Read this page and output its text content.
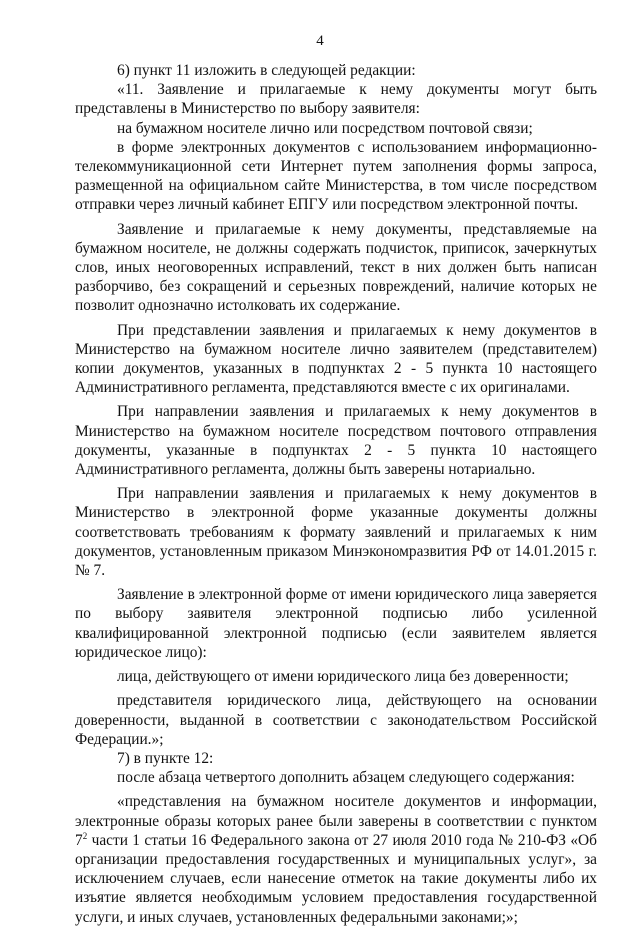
4

6) пункт 11 изложить в следующей редакции:

«11. Заявление и прилагаемые к нему документы могут быть представлены в Министерство по выбору заявителя:

на бумажном носителе лично или посредством почтовой связи;

в форме электронных документов с использованием информационно-телекоммуникационной сети Интернет путем заполнения формы запроса, размещенной на официальном сайте Министерства, в том числе посредством отправки через личный кабинет ЕПГУ или посредством электронной почты.

Заявление и прилагаемые к нему документы, представляемые на бумажном носителе, не должны содержать подчисток, приписок, зачеркнутых слов, иных неоговоренных исправлений, текст в них должен быть написан разборчиво, без сокращений и серьезных повреждений, наличие которых не позволит однозначно истолковать их содержание.

При представлении заявления и прилагаемых к нему документов в Министерство на бумажном носителе лично заявителем (представителем) копии документов, указанных в подпунктах 2 - 5 пункта 10 настоящего Административного регламента, представляются вместе с их оригиналами.

При направлении заявления и прилагаемых к нему документов в Министерство на бумажном носителе посредством почтового отправления документы, указанные в подпунктах 2 - 5 пункта 10 настоящего Административного регламента, должны быть заверены нотариально.

При направлении заявления и прилагаемых к нему документов в Министерство в электронной форме указанные документы должны соответствовать требованиям к формату заявлений и прилагаемых к ним документов, установленным приказом Минэкономразвития РФ от 14.01.2015 г. № 7.

Заявление в электронной форме от имени юридического лица заверяется по выбору заявителя электронной подписью либо усиленной квалифицированной электронной подписью (если заявителем является юридическое лицо):

лица, действующего от имени юридического лица без доверенности;

представителя юридического лица, действующего на основании доверенности, выданной в соответствии с законодательством Российской Федерации.»;

7) в пункте 12:

после абзаца четвертого дополнить абзацем следующего содержания:

«представления на бумажном носителе документов и информации, электронные образы которых ранее были заверены в соответствии с пунктом $7^2$ части 1 статьи 16 Федерального закона от 27 июля 2010 года № 210-ФЗ «Об организации предоставления государственных и муниципальных услуг», за исключением случаев, если нанесение отметок на такие документы либо их изъятие является необходимым условием предоставления государственной услуги, и иных случаев, установленных федеральными законами;»;
